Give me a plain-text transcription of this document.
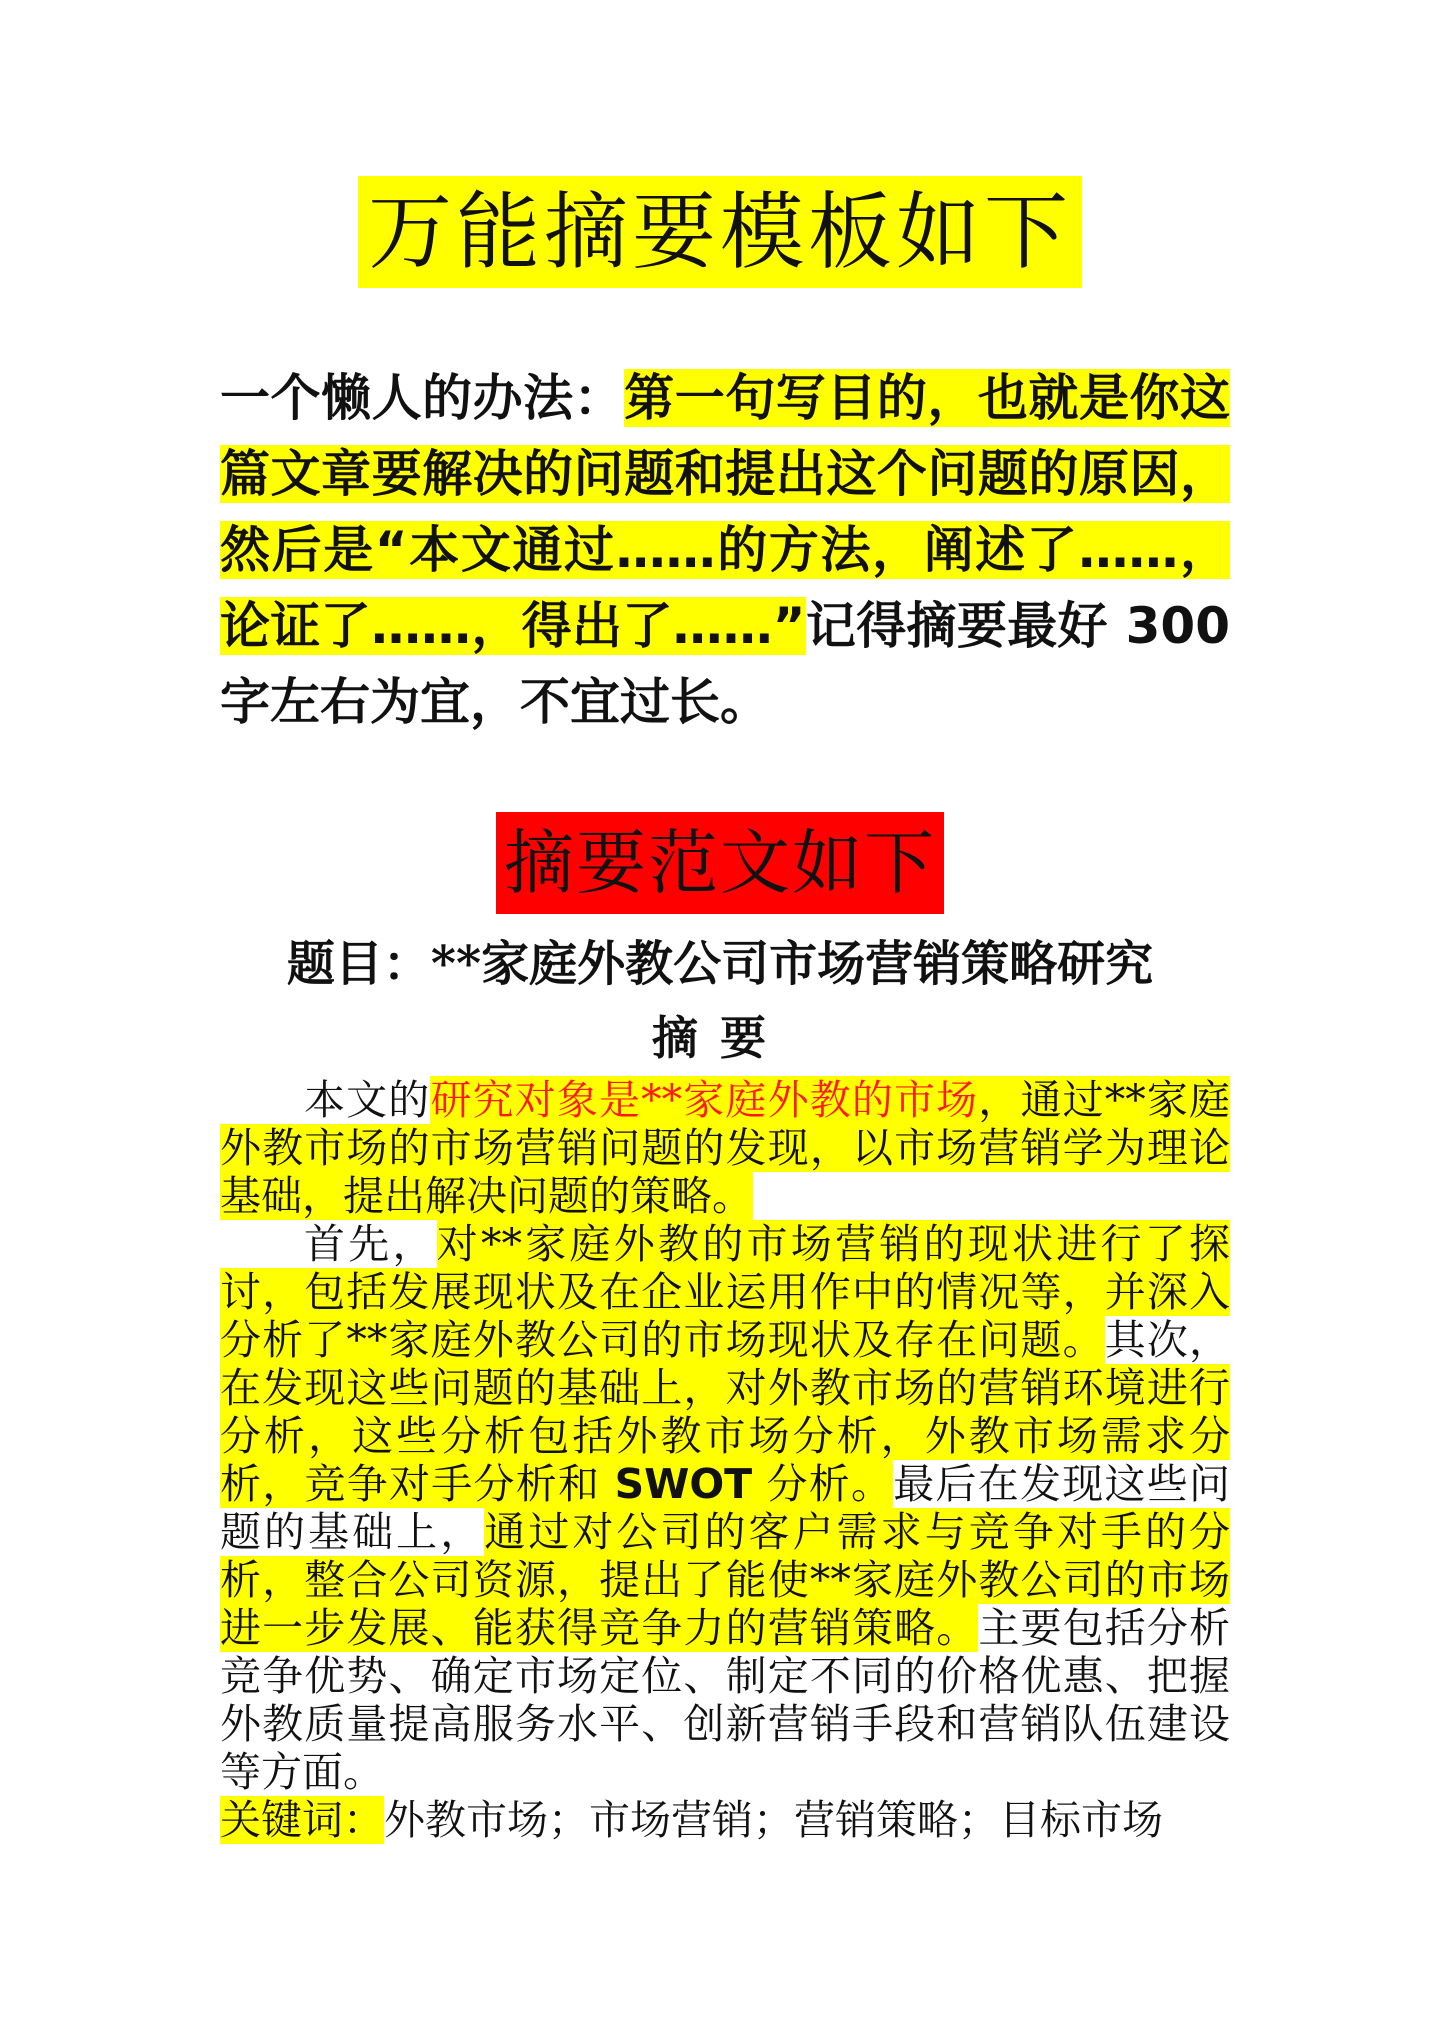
万能摘要模板如下
一个懒人的办法：第一句写目的，也就是你这篇文章要解决的问题和提出这个问题的原因，然后是“本文通过……的方法，阐述了……，论证了……，得出了……”记得摘要最好 300 字左右为宜，不宜过长。
摘要范文如下
题目：**家庭外教公司市场营销策略研究
摘要

本文的研究对象是**家庭外教的市场，通过**家庭外教市场的市场营销问题的发现，以市场营销学为理论基础，提出解决问题的策略。

首先，对**家庭外教的市场营销的现状进行了探讨，包括发展现状及在企业运用作中的情况等，并深入分析了**家庭外教公司的市场现状及存在问题。其次，在发现这些问题的基础上，对外教市场的营销环境进行分析，这些分析包括外教市场分析，外教市场需求分析，竞争对手分析和 SWOT 分析。最后在发现这些问题的基础上，通过对公司的客户需求与竞争对手的分析，整合公司资源，提出了能使**家庭外教公司的市场进一步发展、能获得竞争力的营销策略。主要包括分析竞争优势、确定市场定位、制定不同的价格优惠、把握外教质量提高服务水平、创新营销手段和营销队伍建设等方面。

关键词：外教市场；市场营销；营销策略；目标市场
